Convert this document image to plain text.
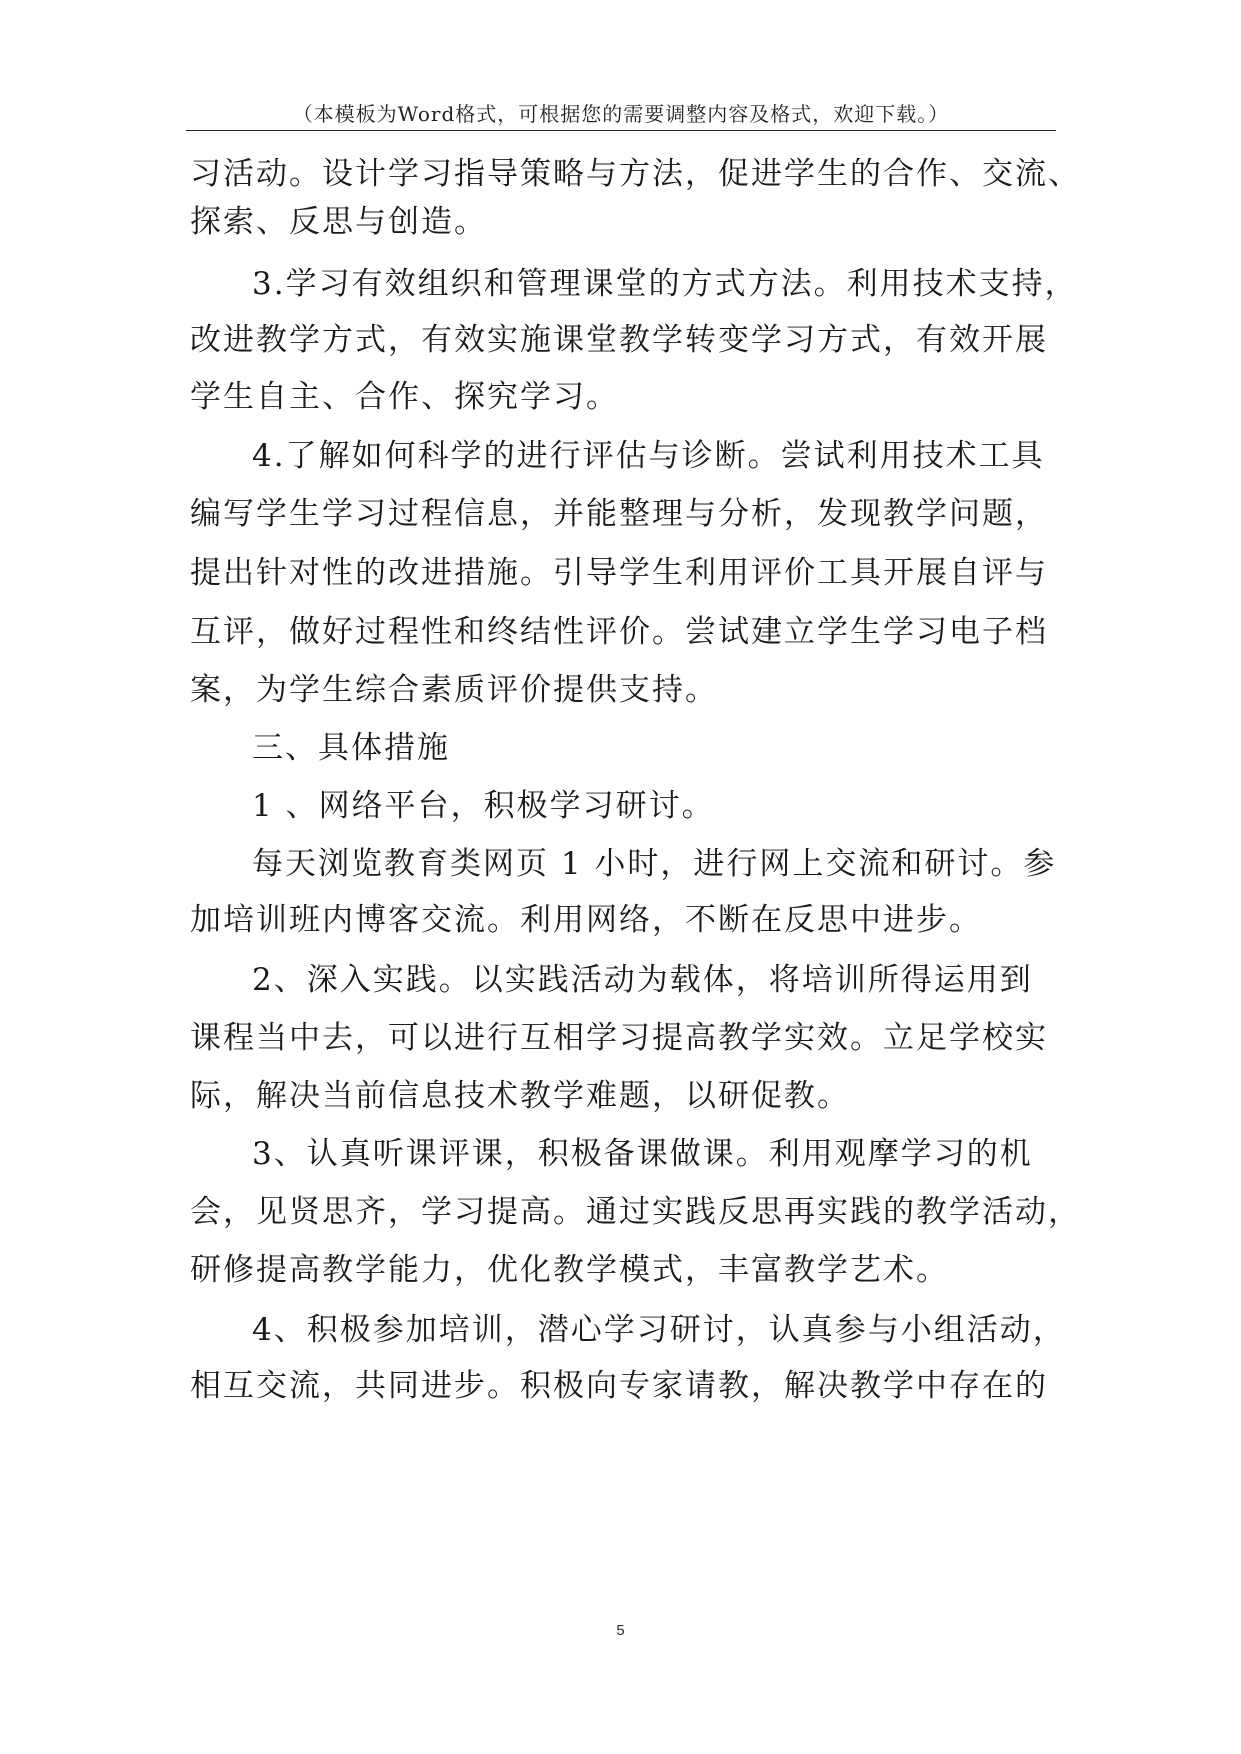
（本模板为Word格式，可根据您的需要调整内容及格式，欢迎下载。）
习活动。设计学习指导策略与方法，促进学生的合作、交流、
探索、反思与创造。
3.学习有效组织和管理课堂的方式方法。利用技术支持，
改进教学方式，有效实施课堂教学转变学习方式，有效开展
学生自主、合作、探究学习。
4.了解如何科学的进行评估与诊断。尝试利用技术工具
编写学生学习过程信息，并能整理与分析，发现教学问题，
提出针对性的改进措施。引导学生利用评价工具开展自评与
互评，做好过程性和终结性评价。尝试建立学生学习电子档
案，为学生综合素质评价提供支持。
三、具体措施
1 、网络平台，积极学习研讨。
每天浏览教育类网页 1 小时，进行网上交流和研讨。参
加培训班内博客交流。利用网络，不断在反思中进步。
2、深入实践。以实践活动为载体，将培训所得运用到
课程当中去，可以进行互相学习提高教学实效。立足学校实
际，解决当前信息技术教学难题，以研促教。
3、认真听课评课，积极备课做课。利用观摩学习的机
会，见贤思齐，学习提高。通过实践反思再实践的教学活动，
研修提高教学能力，优化教学模式，丰富教学艺术。
4、积极参加培训，潜心学习研讨，认真参与小组活动，
相互交流，共同进步。积极向专家请教，解决教学中存在的
5
